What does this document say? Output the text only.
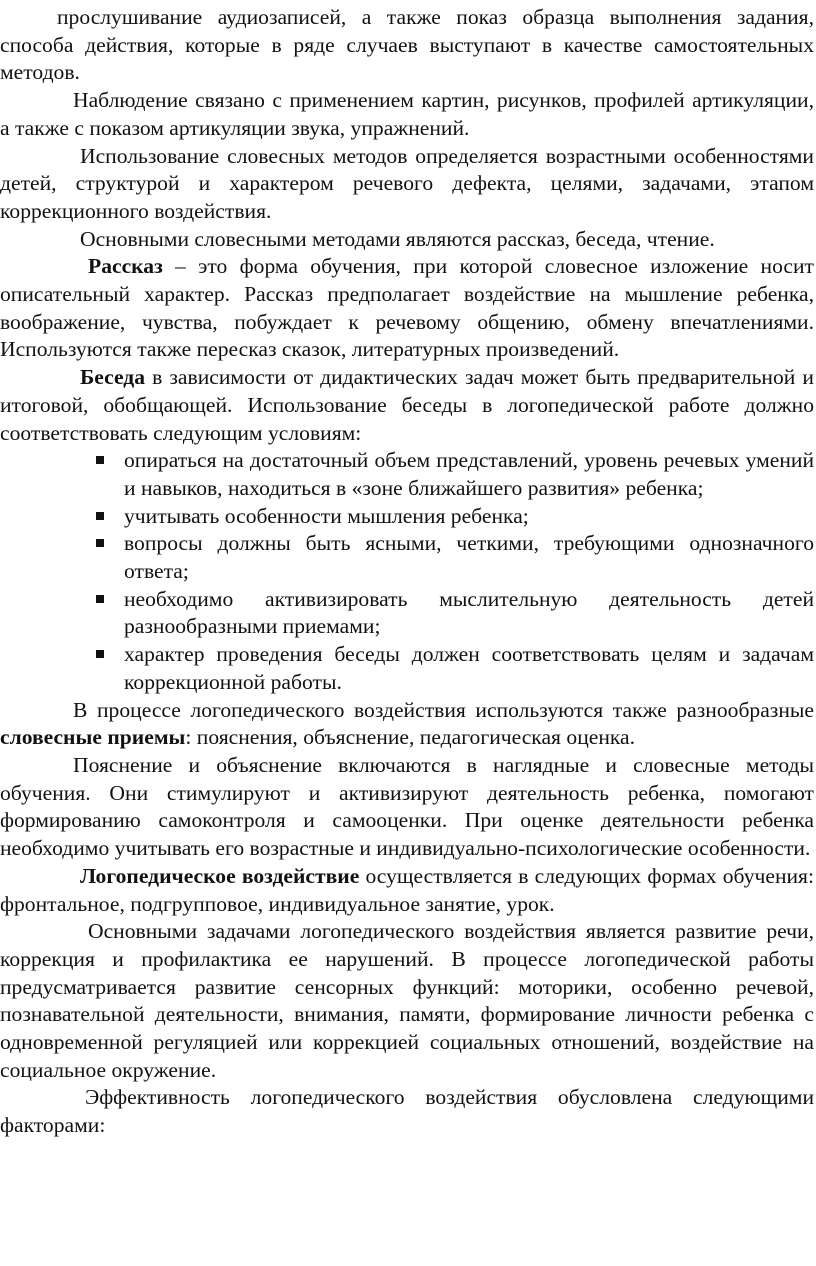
прослушивание аудиозаписей, а также показ образца выполнения задания, способа действия, которые в ряде случаев выступают в качестве самостоятельных методов.

Наблюдение связано с применением картин, рисунков, профилей артикуляции, а также с показом артикуляции звука, упражнений.

Использование словесных методов определяется возрастными особенностями детей, структурой и характером речевого дефекта, целями, задачами, этапом коррекционного воздействия.

Основными словесными методами являются рассказ, беседа, чтение.

Рассказ – это форма обучения, при которой словесное изложение носит описательный характер. Рассказ предполагает воздействие на мышление ребенка, воображение, чувства, побуждает к речевому общению, обмену впечатлениями. Используются также пересказ сказок, литературных произведений.

Беседа в зависимости от дидактических задач может быть предварительной и итоговой, обобщающей. Использование беседы в логопедической работе должно соответствовать следующим условиям:

опираться на достаточный объем представлений, уровень речевых умений и навыков, находиться в «зоне ближайшего развития» ребенка;
учитывать особенности мышления ребенка;
вопросы должны быть ясными, четкими, требующими однозначного ответа;
необходимо активизировать мыслительную деятельность детей разнообразными приемами;
характер проведения беседы должен соответствовать целям и задачам коррекционной работы.

В процессе логопедического воздействия используются также разнообразные словесные приемы: пояснения, объяснение, педагогическая оценка.

Пояснение и объяснение включаются в наглядные и словесные методы обучения. Они стимулируют и активизируют деятельность ребенка, помогают формированию самоконтроля и самооценки. При оценке деятельности ребенка необходимо учитывать его возрастные и индивидуально-психологические особенности.

Логопедическое воздействие осуществляется в следующих формах обучения: фронтальное, подгрупповое, индивидуальное занятие, урок.

Основными задачами логопедического воздействия является развитие речи, коррекция и профилактика ее нарушений. В процессе логопедической работы предусматривается развитие сенсорных функций: моторики, особенно речевой, познавательной деятельности, внимания, памяти, формирование личности ребенка с одновременной регуляцией или коррекцией социальных отношений, воздействие на социальное окружение.

Эффективность логопедического воздействия обусловлена следующими факторами:
